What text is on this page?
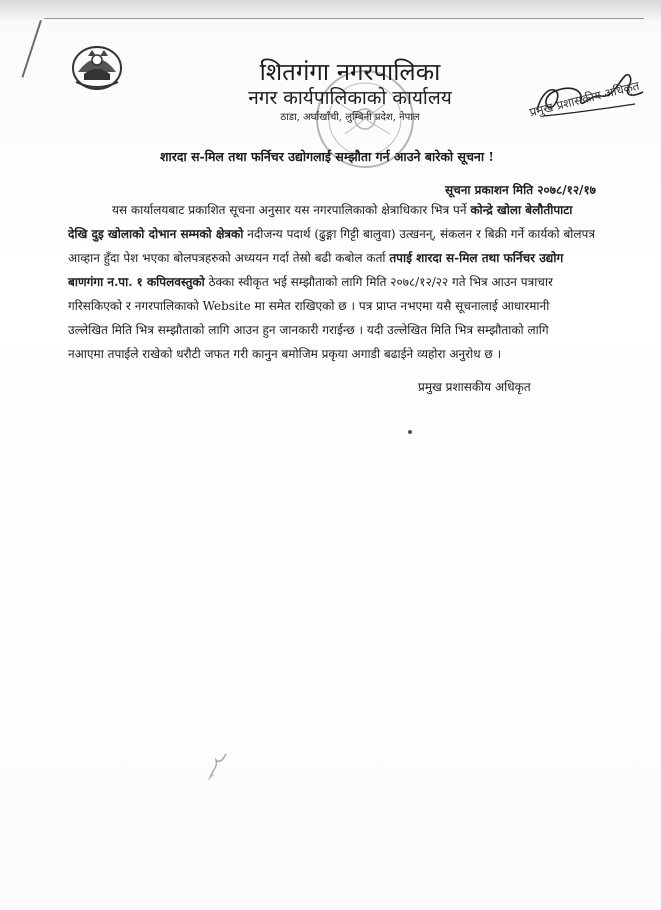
शितगंगा नगरपालिका

नगर कार्यपालिकाको कार्यालय

ठाडा, अर्घाखाँची, लुम्बिनी प्रदेश, नेपाल	प्रमुख प्रशासकीय अधिकृत
शारदा स-मिल तथा फर्निचर उद्योगलाई सम्झौता गर्न आउने बारेको सूचना !
सूचना प्रकाशन मिति २०७८/१२/१७
यस कार्यालयबाट प्रकाशित सूचना अनुसार यस नगरपालिकाको क्षेत्राधिकार भित्र पर्ने कोन्द्रे खोला बेलौतीपाटा
देखि दुइ खोलाको दोभान सम्मको क्षेत्रको नदीजन्य पदार्थ (ढुङ्गा गिट्टी बालुवा) उत्खनन्, संकलन र बिक्री गर्ने कार्यको बोलपत्र
आव्हान हुँदा पेश भएका बोलपत्रहरुको अध्ययन गर्दा तेस्रो बढी कबोल कर्ता तपाई शारदा स-मिल तथा फर्निचर उद्योग
बाणगंगा न.पा. १ कपिलवस्तुको ठेक्का स्वीकृत भई सम्झौताको लागि मिति २०७८/१२/२२ गते भित्र आउन पत्राचार
गरिसकिएको र नगरपालिकाको Website मा समेत राखिएको छ । पत्र प्राप्त नभएमा यसै सूचनालाई आधारमानी
उल्लेखित मिति भित्र सम्झौताको लागि आउन हुन जानकारी गराईन्छ । यदी उल्लेखित मिति भित्र सम्झौताको लागि
नआएमा तपाईले राखेको धरौटी जफत गरी कानुन बमोजिम प्रकृया अगाडी बढाईने व्यहोरा अनुरोध छ ।
प्रमुख प्रशासकीय अधिकृत
